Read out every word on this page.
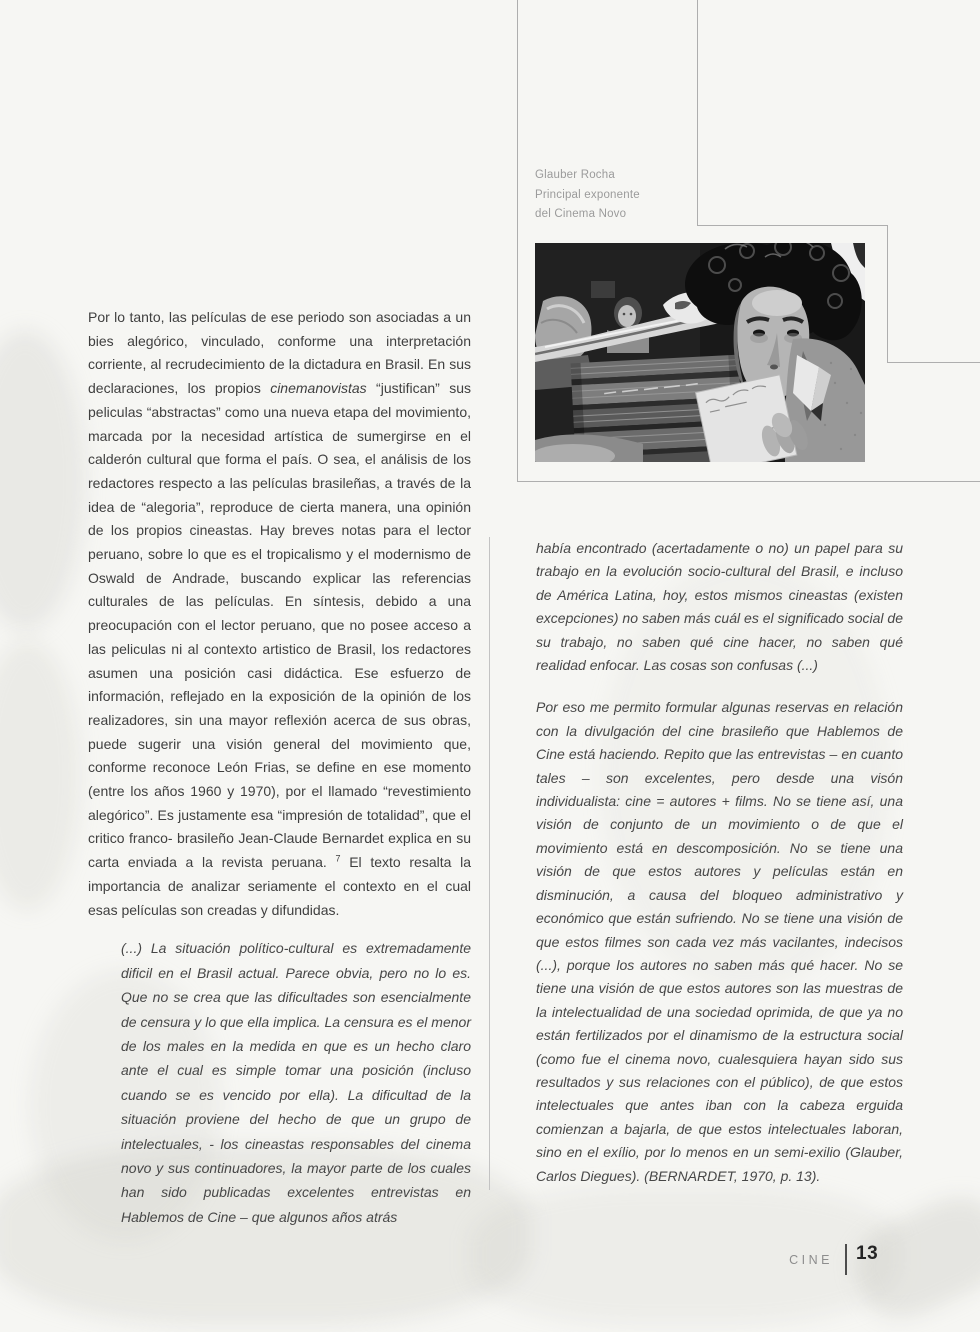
Glauber Rocha
Principal exponente
del Cinema Novo

Por lo tanto, las películas de ese periodo son asociadas a un bies alegórico, vinculado, conforme una interpretación corriente, al recrudecimiento de la dictadura en Brasil. En sus declaraciones, los propios cinemanovistas “justifican” sus peliculas “abstractas” como una nueva etapa del movimiento, marcada por la necesidad artística de sumergirse en el calderón cultural que forma el país. O sea, el análisis de los redactores respecto a las películas brasileñas, a través de la idea de “alegoria”, reproduce de cierta manera, una opinión de los propios cineastas. Hay breves notas para el lector peruano, sobre lo que es el tropicalismo y el modernismo de Oswald de Andrade, buscando explicar las referencias culturales de las películas. En síntesis, debido a una preocupación con el lector peruano, que no posee acceso a las peliculas ni al contexto artistico de Brasil, los redactores asumen una posición casi didáctica. Ese esfuerzo de información, reflejado en la exposición de la opinión de los realizadores, sin una mayor reflexión acerca de sus obras, puede sugerir una visión general del movimiento que, conforme reconoce León Frias, se define en ese momento (entre los años 1960 y 1970), por el llamado “revestimiento alegórico”. Es justamente esa “impresión de totalidad”, que el critico franco- brasileño Jean-Claude Bernardet explica en su carta enviada a la revista peruana. $^7$ El texto resalta la importancia de analizar seriamente el contexto en el cual esas películas son creadas y difundidas.

(...) La situación político-cultural es extremadamente dificil en el Brasil actual. Parece obvia, pero no lo es. Que no se crea que las dificultades son esencialmente de censura y lo que ella implica. La censura es el menor de los males en la medida en que es un hecho claro ante el cual es simple tomar una posición (incluso cuando se es vencido por ella). La dificultad de la situación proviene del hecho de que un grupo de intelectuales, - los cineastas responsables del cinema novo y sus continuadores, la mayor parte de los cuales han sido publicadas excelentes entrevistas en Hablemos de Cine – que algunos años atrás

había encontrado (acertadamente o no) un papel para su trabajo en la evolución socio-cultural del Brasil, e incluso de América Latina, hoy, estos mismos cineastas (existen excepciones) no saben más cuál es el significado social de su trabajo, no saben qué cine hacer, no saben qué realidad enfocar. Las cosas son confusas (...)

Por eso me permito formular algunas reservas en relación con la divulgación del cine brasileño que Hablemos de Cine está haciendo. Repito que las entrevistas – en cuanto tales – son excelentes, pero desde una visón individualista: cine = autores + films. No se tiene así, una visión de conjunto de un movimiento o de que el movimiento está en descomposición. No se tiene una visión de que estos autores y películas están en disminución, a causa del bloqueo administrativo y económico que están sufriendo. No se tiene una visión de que estos filmes son cada vez más vacilantes, indecisos (...), porque los autores no saben más qué hacer. No se tiene una visión de que estos autores son las muestras de la intelectualidad de una sociedad oprimida, de que ya no están fertilizados por el dinamismo de la estructura social (como fue el cinema novo, cualesquiera hayan sido sus resultados y sus relaciones con el público), de que estos intelectuales que antes iban con la cabeza erguida comienzan a bajarla, de que estos intelectuales laboran, sino en el exílio, por lo menos en un semi-exilio (Glauber, Carlos Diegues). (BERNARDET, 1970, p. 13).

CINE 13
